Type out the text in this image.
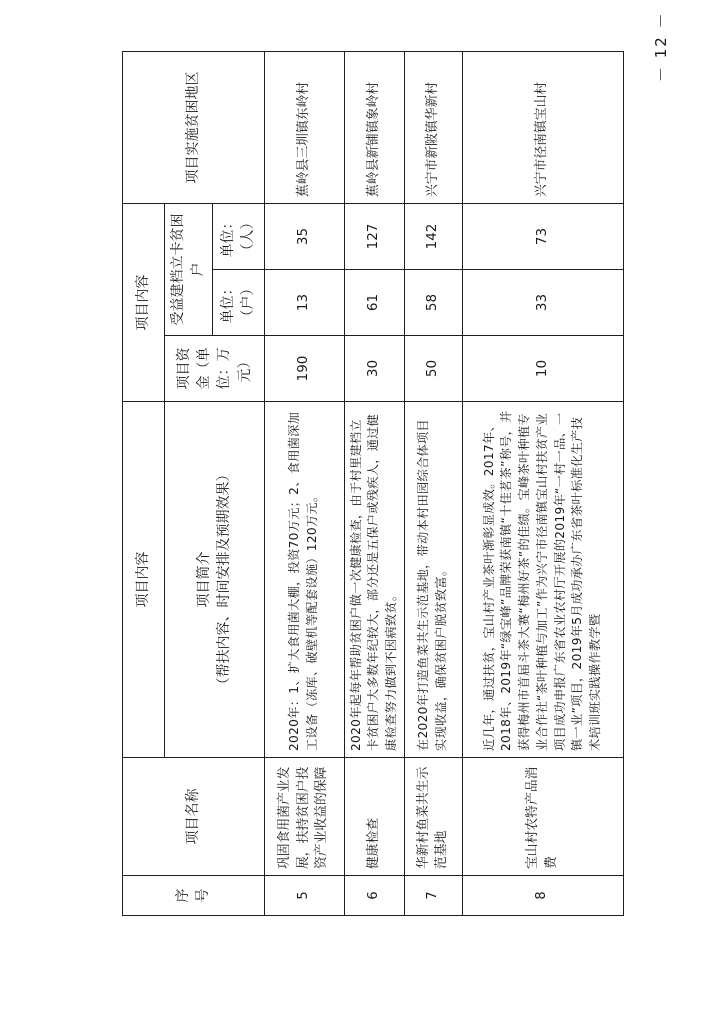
序号	项目名称	项目内容	项目内容			项目实施贫困地区

		项目简介 （帮扶内容、时间安排及预期效果）	项目资金（单位：万元）	受益建档立卡贫困户		
				单位：（户）	单位：（人）	
5	巩固食用菌产业发展，扶持贫困户投资产业收益的保障	2020年：1、扩大食用菌大棚，投资70万元；2、食用菌深加工设备（冻库、破壁机等配套设施）120万元。	190	13	35	蕉岭县三圳镇东岭村
6	健康检查	2020年起每年帮助贫困户做一次健康检查，由于村里建档立卡贫困户大多数年纪较大，部分还是五保户或残疾人，通过健康检查努力做到不因病致贫。	30	61	127	蕉岭县新铺镇象岭村
7	华新村鱼菜共生示范基地	在2020年打造鱼菜共生示范基地，带动本村田园综合体项目实现收益，确保贫困户脱贫致富。	50	58	142	兴宁市新陂镇华新村
8	宝山村农特产品消费	近几年，通过扶贫，宝山村产业茶叶渐彰显成效。2017年、2018年、2019年“绿宝峰”品牌荣获南镇“十佳茗茶”称号，并获得梅州市首届斗茶大赛“梅州好茶”的佳绩。宝峰茶叶种植专业合作社“茶叶种植与加工”作为兴宁市径南镇宝山村扶贫产业项目成功申报广东省农业农村厅开展的2019年“一村一品、一镇一业”项目，2019年5月成功承办广东省茶叶标准化生产技术培训班实践操作教学暨	10	33	73	兴宁市径南镇宝山村
－ 12 －
